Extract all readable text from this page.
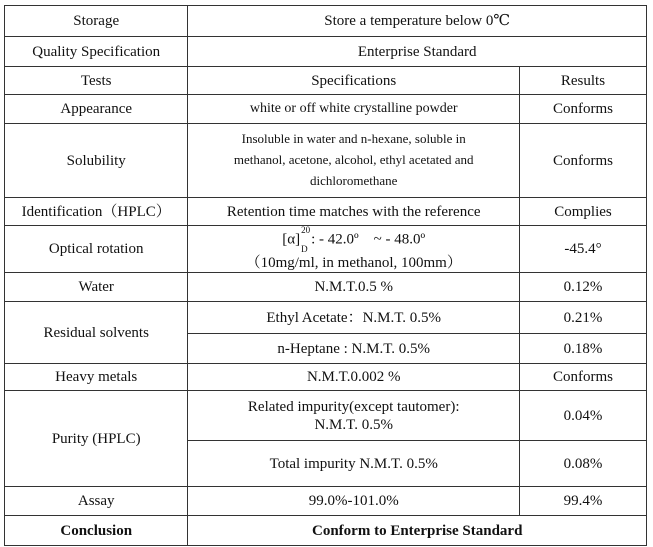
Storage	Store a temperature below 0℃	
Quality Specification	Enterprise Standard	
Tests	Specifications	Results
Appearance	white or off white crystalline powder	Conforms
Solubility	Insoluble in water and n-hexane, soluble in
methanol, acetone, alcohol, ethyl acetated and
dichloromethane	Conforms
Identification（HPLC）	Retention time matches with the reference	Complies
Optical rotation	$[\alpha]^{20}$
$_D$: - 42.0º　~ - 48.0º
（10mg/ml, in methanol, 100mm）	-45.4°
Water	N.M.T.0.5 %	0.12%
Residual solvents	Ethyl Acetate：N.M.T. 0.5%	0.21%
	n-Heptane : N.M.T. 0.5%	0.18%
Heavy metals	N.M.T.0.002 %	Conforms
Purity (HPLC)	Related impurity(except tautomer):
N.M.T. 0.5%	0.04%
	Total impurity N.M.T. 0.5%	0.08%
Assay	99.0%-101.0%	99.4%
Conclusion	Conform to Enterprise Standard	
